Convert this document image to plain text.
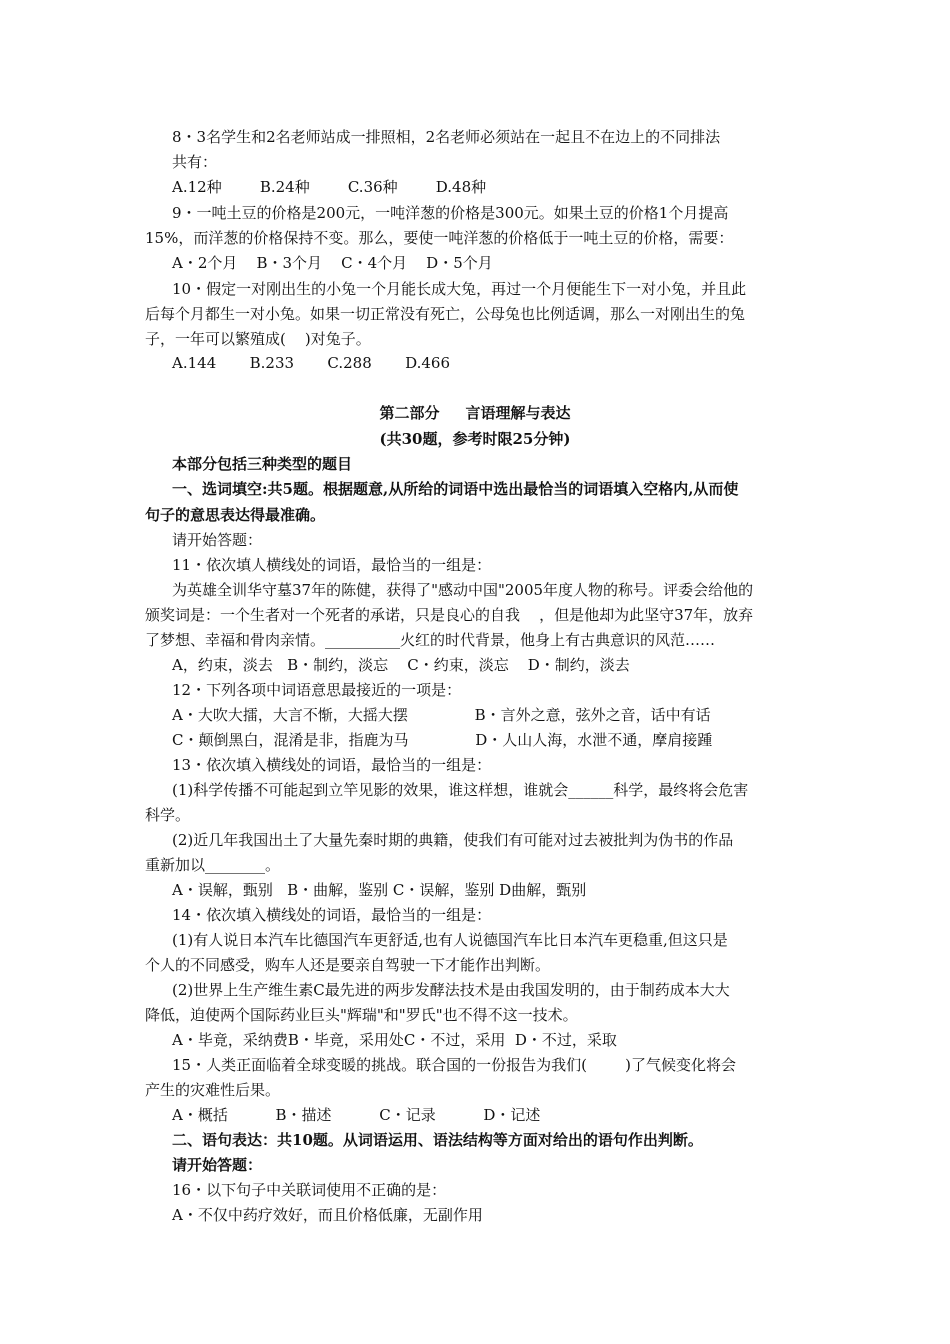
8・3名学生和2名老师站成一排照相，2名老师必须站在一起且不在边上的不同排法
共有：
A.12种        B.24种        C.36种        D.48种
9・一吨土豆的价格是200元，一吨洋葱的价格是300元。如果土豆的价格1个月提高
15%，而洋葱的价格保持不变。那么，要使一吨洋葱的价格低于一吨土豆的价格，需要：
A・2个月    B・3个月    C・4个月    D・5个月
10・假定一对刚出生的小兔一个月能长成大兔，再过一个月便能生下一对小兔，并且此
后每个月都生一对小兔。如果一切正常没有死亡，公母兔也比例适调，那么一对刚出生的兔
子，一年可以繁殖成(    )对兔子。
A.144       B.233       C.288       D.466
第二部分     言语理解与表达
(共30题，参考时限25分钟)
本部分包括三种类型的题目
一、选词填空:共5题。根据题意,从所给的词语中选出最恰当的词语填入空格内,从而使
句子的意思表达得最准确。
请开始答题：
11・依次填人横线处的词语，最恰当的一组是：
为英雄全训华守墓37年的陈健，获得了"感动中国"2005年度人物的称号。评委会给他的
颁奖词是：一个生者对一个死者的承诺，只是良心的自我    ，但是他却为此坚守37年，放弃
了梦想、幸福和骨肉亲情。__________火红的时代背景，他身上有古典意识的风范……
A，约束，淡去   B・制约，淡忘    C・约束，淡忘    D・制约，淡去
12・下列各项中词语意思最接近的一项是：
A・大吹大擂，大言不惭，大摇大摆              B・言外之意，弦外之音，话中有话
C・颠倒黑白，混淆是非，指鹿为马              D・人山人海，水泄不通，摩肩接踵
13・依次填入横线处的词语，最恰当的一组是：
(1)科学传播不可能起到立竿见影的效果，谁这样想，谁就会______科学，最终将会危害
科学。
(2)近几年我国出土了大量先秦时期的典籍，使我们有可能对过去被批判为伪书的作品
重新加以________。
A・误解，甄别   B・曲解，鉴别 C・误解，鉴别 D曲解，甄别
14・依次填入横线处的词语，最恰当的一组是：
(1)有人说日本汽车比德国汽车更舒适,也有人说德国汽车比日本汽车更稳重,但这只是
个人的不同感受，购车人还是要亲自驾驶一下才能作出判断。
(2)世界上生产维生素C最先进的两步发酵法技术是由我国发明的，由于制药成本大大
降低，迫使两个国际药业巨头"辉瑞"和"罗氏"也不得不这一技术。
A・毕竟，采纳费B・毕竟，采用处C・不过，采用  D・不过，采取
15・人类正面临着全球变暖的挑战。联合国的一份报告为我们(        )了气候变化将会
产生的灾难性后果。
A・概括          B・描述          C・记录          D・记述
二、语句表达：共10题。从词语运用、语法结构等方面对给出的语句作出判断。
请开始答题：
16・以下句子中关联词使用不正确的是：
A・不仅中药疗效好，而且价格低廉，无副作用
